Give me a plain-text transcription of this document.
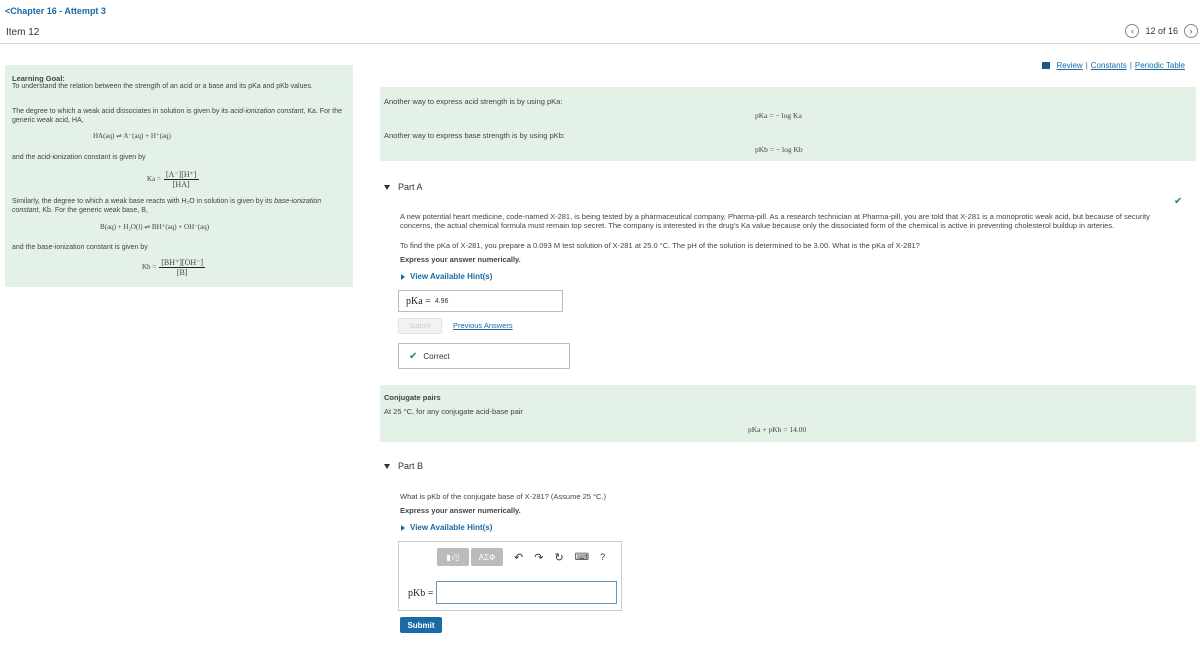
<Chapter 16 - Attempt 3
Item 12	‹	12 of 16	›
Review | Constants | Periodic Table
Learning Goal:
To understand the relation between the strength of an acid or a base and its pKa and pKb values.
The degree to which a weak acid dissociates in solution is given by its acid-ionization constant, Ka. For the generic weak acid, HA,
HA(aq) ⇌ A⁻(aq) + H⁺(aq)
and the acid-ionization constant is given by
$Ka = \frac{[A^-][H^+]}{[HA]}$
Similarly, the degree to which a weak base reacts with H₂O in solution is given by its base-ionization constant, Kb. For the generic weak base, B,
B(aq) + H₂O(l) ⇌ BH⁺(aq) + OH⁻(aq)
and the base-ionization constant is given by
$Kb = \frac{[BH^+][OH^-]}{[B]}$
Another way to express acid strength is by using pKa:
pKa = − log Ka
Another way to express base strength is by using pKb:
pKb = − log Kb
Part A
✔
A new potential heart medicine, code-named X-281, is being tested by a pharmaceutical company, Pharma-pill. As a research technician at Pharma-pill, you are told that X-281 is a monoprotic weak acid, but because of security concerns, the actual chemical formula must remain top secret. The company is interested in the drug's Ka value because only the dissociated form of the chemical is active in preventing cholesterol buildup in arteries.
To find the pKa of X-281, you prepare a 0.093 M test solution of X-281 at 25.0 °C. The pH of the solution is determined to be 3.00. What is the pKa of X-281?
Express your answer numerically.
View Available Hint(s)
pKa = 4.96
Submit	Previous Answers
✔ Correct
Conjugate pairs
At 25 °C, for any conjugate acid-base pair
pKa + pKb = 14.00
Part B
What is pKb of the conjugate base of X-281? (Assume 25 °C.)
Express your answer numerically.
View Available Hint(s)
▮√▯	ΑΣΦ	↶ ↷ ↻ ⌨ ?
pKb =
Submit
